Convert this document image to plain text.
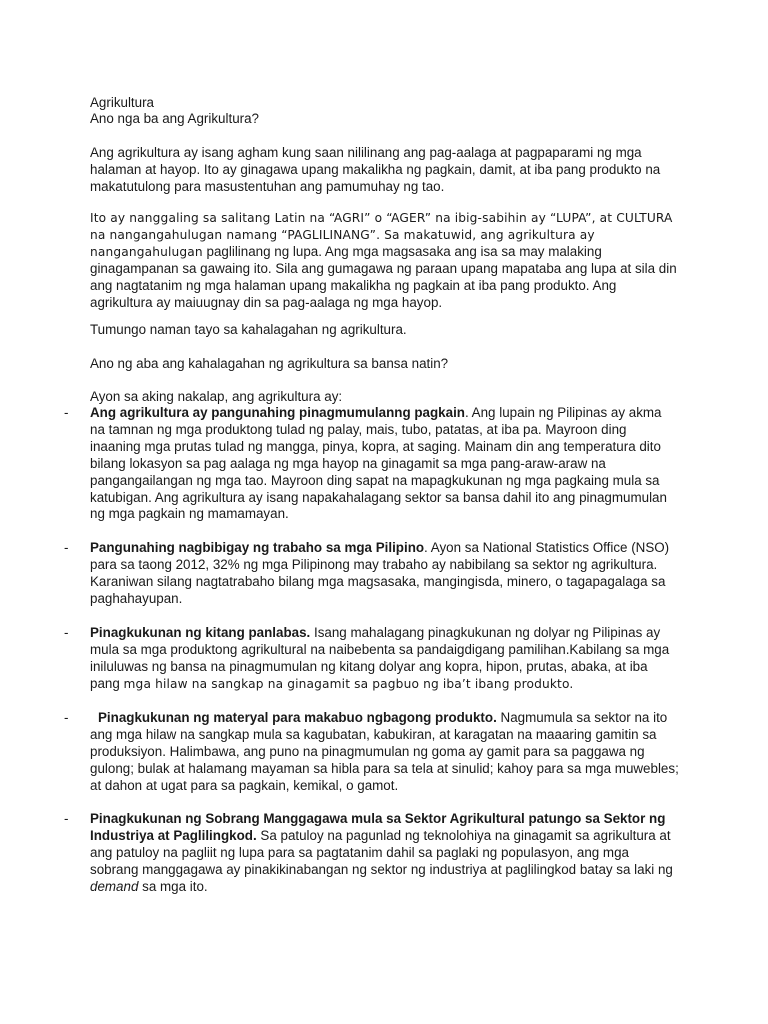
Agrikultura

Ano nga ba ang Agrikultura?

Ang agrikultura ay isang agham kung saan nililinang ang pag-aalaga at pagpaparami ng mga halaman at hayop. Ito ay ginagawa upang makalikha ng pagkain, damit, at iba pang produkto na makatutulong para masustentuhan ang pamumuhay ng tao.

Ito ay nanggaling sa salitang Latin na “AGRI” o “AGER” na ibig-sabihin ay “LUPA”, at CULTURA na nangangahulugan namang “PAGLILINANG”. Sa makatuwid, ang agrikultura ay nangangahulugan paglilinang ng lupa. Ang mga magsasaka ang isa sa may malaking ginagampanan sa gawaing ito. Sila ang gumagawa ng paraan upang mapataba ang lupa at sila din ang nagtatanim ng mga halaman upang makalikha ng pagkain at iba pang produkto. Ang agrikultura ay maiuugnay din sa pag-aalaga ng mga hayop.

Tumungo naman tayo sa kahalagahan ng agrikultura.

Ano ng aba ang kahalagahan ng agrikultura sa bansa natin?

Ayon sa aking nakalap, ang agrikultura ay:

- Ang agrikultura ay pangunahing pinagmumulanng pagkain. Ang lupain ng Pilipinas ay akma na tamnan ng mga produktong tulad ng palay, mais, tubo, patatas, at iba pa. Mayroon ding inaaning mga prutas tulad ng mangga, pinya, kopra, at saging. Mainam din ang temperatura dito bilang lokasyon sa pag aalaga ng mga hayop na ginagamit sa mga pang-araw-araw na pangangailangan ng mga tao. Mayroon ding sapat na mapagkukunan ng mga pagkaing mula sa katubigan. Ang agrikultura ay isang napakahalagang sektor sa bansa dahil ito ang pinagmumulan ng mga pagkain ng mamamayan.

- Pangunahing nagbibigay ng trabaho sa mga Pilipino. Ayon sa National Statistics Office (NSO) para sa taong 2012, 32% ng mga Pilipinong may trabaho ay nabibilang sa sektor ng agrikultura. Karaniwan silang nagtatrabaho bilang mga magsasaka, mangingisda, minero, o tagapagalaga sa paghahayupan.

- Pinagkukunan ng kitang panlabas. Isang mahalagang pinagkukunan ng dolyar ng Pilipinas ay mula sa mga produktong agrikultural na naibebenta sa pandaigdigang pamilihan.Kabilang sa mga iniluluwas ng bansa na pinagmumulan ng kitang dolyar ang kopra, hipon, prutas, abaka, at iba pang mga hilaw na sangkap na ginagamit sa pagbuo ng iba’t ibang produkto.

-	Pinagkukunan ng materyal para makabuo ngbagong produkto. Nagmumula sa sektor na ito ang mga hilaw na sangkap mula sa kagubatan, kabukiran, at karagatan na maaaring gamitin sa produksiyon. Halimbawa, ang puno na pinagmumulan ng goma ay gamit para sa paggawa ng gulong; bulak at halamang mayaman sa hibla para sa tela at sinulid; kahoy para sa mga muwebles; at dahon at ugat para sa pagkain, kemikal, o gamot.

- Pinagkukunan ng Sobrang Manggagawa mula sa Sektor Agrikultural patungo sa Sektor ng Industriya at Paglilingkod. Sa patuloy na pagunlad ng teknolohiya na ginagamit sa agrikultura at ang patuloy na pagliit ng lupa para sa pagtatanim dahil sa paglaki ng populasyon, ang mga sobrang manggagawa ay pinakikinabangan ng sektor ng industriya at paglilingkod batay sa laki ng demand sa mga ito.
